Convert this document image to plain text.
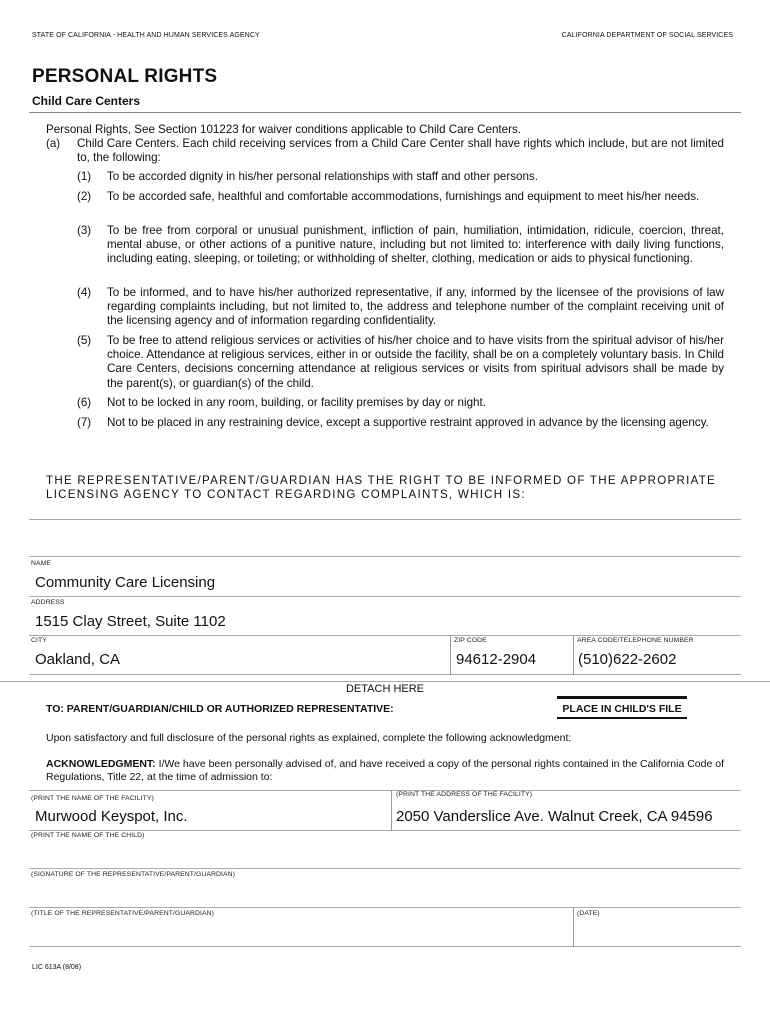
STATE OF CALIFORNIA - HEALTH AND HUMAN SERVICES AGENCY	CALIFORNIA DEPARTMENT OF SOCIAL SERVICES
PERSONAL RIGHTS
Child Care Centers
Personal Rights, See Section 101223 for waiver conditions applicable to Child Care Centers.
(a) Child Care Centers. Each child receiving services from a Child Care Center shall have rights which include, but are not limited to, the following:
(1) To be accorded dignity in his/her personal relationships with staff and other persons.
(2) To be accorded safe, healthful and comfortable accommodations, furnishings and equipment to meet his/her needs.
(3) To be free from corporal or unusual punishment, infliction of pain, humiliation, intimidation, ridicule, coercion, threat, mental abuse, or other actions of a punitive nature, including but not limited to: interference with daily living functions, including eating, sleeping, or toileting; or withholding of shelter, clothing, medication or aids to physical functioning.
(4) To be informed, and to have his/her authorized representative, if any, informed by the licensee of the provisions of law regarding complaints including, but not limited to, the address and telephone number of the complaint receiving unit of the licensing agency and of information regarding confidentiality.
(5) To be free to attend religious services or activities of his/her choice and to have visits from the spiritual advisor of his/her choice. Attendance at religious services, either in or outside the facility, shall be on a completely voluntary basis. In Child Care Centers, decisions concerning attendance at religious services or visits from spiritual advisors shall be made by the parent(s), or guardian(s) of the child.
(6) Not to be locked in any room, building, or facility premises by day or night.
(7) Not to be placed in any restraining device, except a supportive restraint approved in advance by the licensing agency.
THE REPRESENTATIVE/PARENT/GUARDIAN HAS THE RIGHT TO BE INFORMED OF THE APPROPRIATE LICENSING AGENCY TO CONTACT REGARDING COMPLAINTS, WHICH IS:
NAME
Community Care Licensing
ADDRESS
1515 Clay Street, Suite 1102
CITY
Oakland, CA
ZIP CODE
94612-2904
AREA CODE/TELEPHONE NUMBER
(510)622-2602
DETACH HERE
TO: PARENT/GUARDIAN/CHILD OR AUTHORIZED REPRESENTATIVE:	PLACE IN CHILD'S FILE
Upon satisfactory and full disclosure of the personal rights as explained, complete the following acknowledgment:
ACKNOWLEDGMENT: I/We have been personally advised of, and have received a copy of the personal rights contained in the California Code of Regulations, Title 22, at the time of admission to:
(PRINT THE NAME OF THE FACILITY)
Murwood Keyspot, Inc.
(PRINT THE ADDRESS OF THE FACILITY)
2050 Vanderslice Ave. Walnut Creek, CA 94596
(PRINT THE NAME OF THE CHILD)
(SIGNATURE OF THE REPRESENTATIVE/PARENT/GUARDIAN)
(TITLE OF THE REPRESENTATIVE/PARENT/GUARDIAN)	(DATE)
LIC 613A (8/08)
